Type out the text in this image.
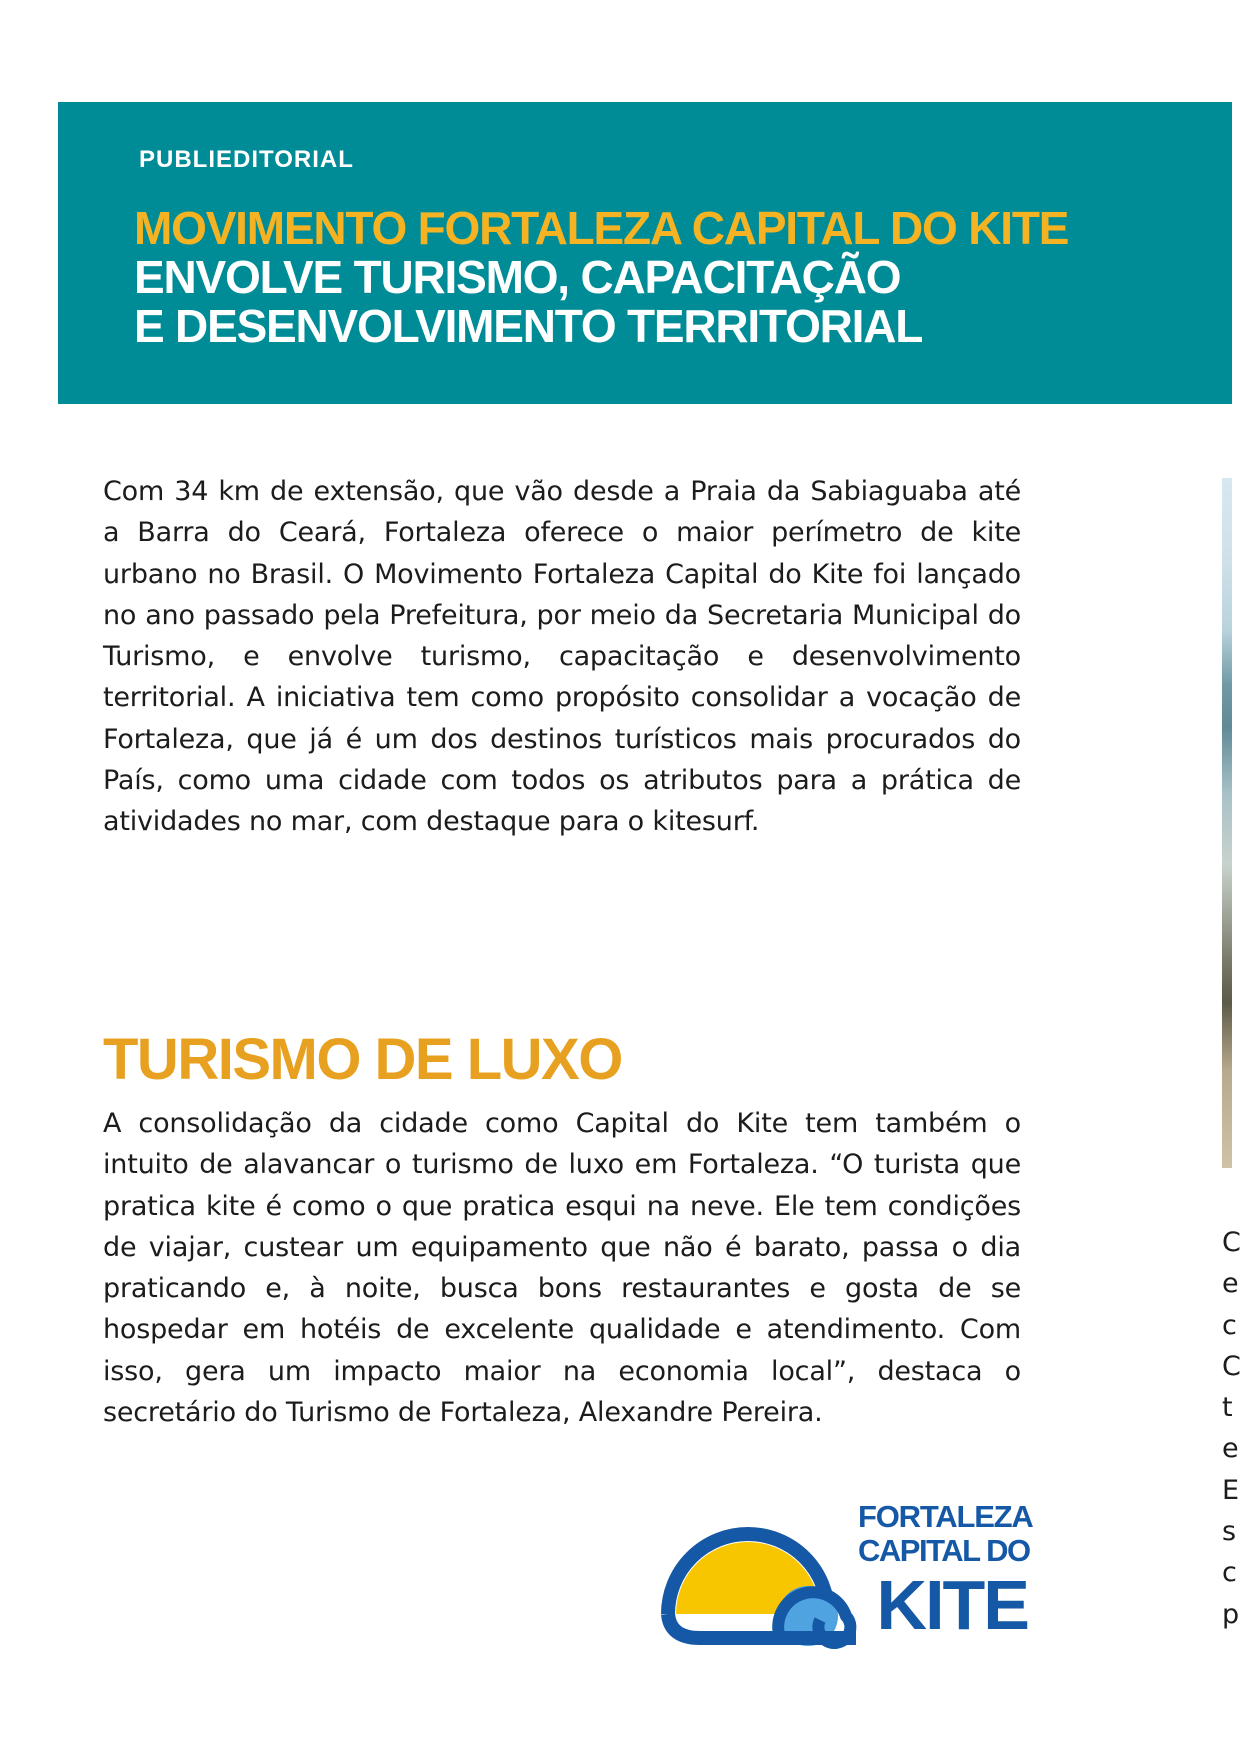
PUBLIEDITORIAL

MOVIMENTO FORTALEZA CAPITAL DO KITE
ENVOLVE TURISMO, CAPACITAÇÃO
E DESENVOLVIMENTO TERRITORIAL

Com 34 km de extensão, que vão desde a Praia da Sabiaguaba até a Barra do Ceará, Fortaleza oferece o maior perímetro de kite urbano no Brasil. O Movimento Fortaleza Capital do Kite foi lançado no ano passado pela Prefeitura, por meio da Secretaria Municipal do Turismo, e envolve turismo, capacitação e desenvolvimento territorial. A iniciativa tem como propósito consolidar a vocação de Fortaleza, que já é um dos destinos turísticos mais procurados do País, como uma cidade com todos os atributos para a prática de atividades no mar, com destaque para o kitesurf.

TURISMO DE LUXO

A consolidação da cidade como Capital do Kite tem também o intuito de alavancar o turismo de luxo em Fortaleza. “O turista que pratica kite é como o que pratica esqui na neve. Ele tem condições de viajar, custear um equipamento que não é barato, passa o dia praticando e, à noite, busca bons restaurantes e gosta de se hospedar em hotéis de excelente qualidade e atendimento. Com isso, gera um impacto maior na economia local”, destaca o secretário do Turismo de Fortaleza, Alexandre Pereira.

C
e
c
C
t
e
E
s
c
p

FORTALEZA
CAPITAL DO
KITE
